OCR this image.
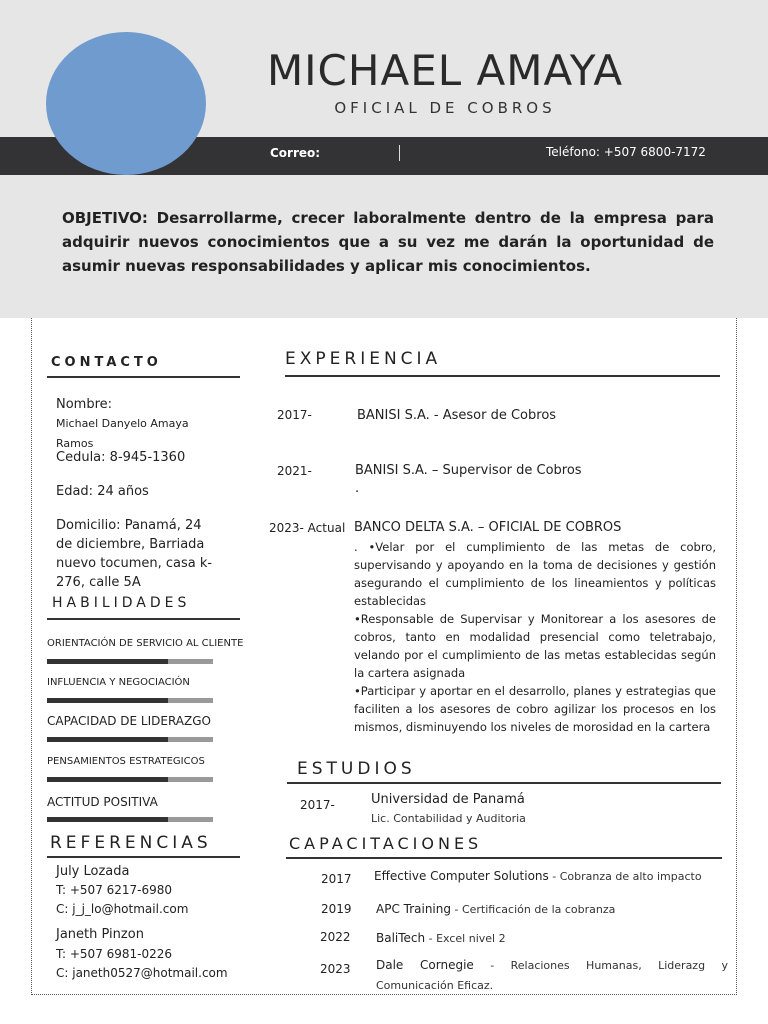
MICHAEL AMAYA
OFICIAL DE COBROS
Correo:	Teléfono: +507 6800-7172
OBJETIVO: Desarrollarme, crecer laboralmente dentro de la empresa para adquirir nuevos conocimientos que a su vez me darán la oportunidad de asumir nuevas responsabilidades y aplicar mis conocimientos.
CONTACTO
Nombre:
Michael Danyelo Amaya Ramos
Cedula: 8-945-1360
Edad: 24 años
Domicilio: Panamá, 24 de diciembre, Barriada nuevo tocumen, casa k-276, calle 5A
HABILIDADES
ORIENTACIÓN DE SERVICIO AL CLIENTE
INFLUENCIA Y NEGOCIACIÓN
CAPACIDAD DE LIDERAZGO
PENSAMIENTOS ESTRATEGICOS
ACTITUD POSITIVA
REFERENCIAS
July Lozada
T: +507 6217-6980
C: j_j_lo@hotmail.com
Janeth Pinzon
T: +507 6981-0226
C: janeth0527@hotmail.com
EXPERIENCIA
2017-	BANISI S.A. - Asesor de Cobros
2021-	BANISI S.A. – Supervisor de Cobros
.
2023- Actual BANCO DELTA S.A. – OFICIAL DE COBROS
. •Velar por el cumplimiento de las metas de cobro, supervisando y apoyando en la toma de decisiones y gestión asegurando el cumplimiento de los lineamientos y políticas establecidas
•Responsable de Supervisar y Monitorear a los asesores de cobros, tanto en modalidad presencial como teletrabajo, velando por el cumplimiento de las metas establecidas según la cartera asignada
•Participar y aportar en el desarrollo, planes y estrategias que faciliten a los asesores de cobro agilizar los procesos en los mismos, disminuyendo los niveles de morosidad en la cartera
ESTUDIOS
2017-	Universidad de Panamá
Lic. Contabilidad y Auditoria
CAPACITACIONES
2017 Effective Computer Solutions - Cobranza de alto impacto
2019 APC Training - Certificación de la cobranza
2022 BaliTech - Excel nivel 2
2023 Dale Cornegie - Relaciones Humanas, Liderazg y Comunicación Eficaz.
